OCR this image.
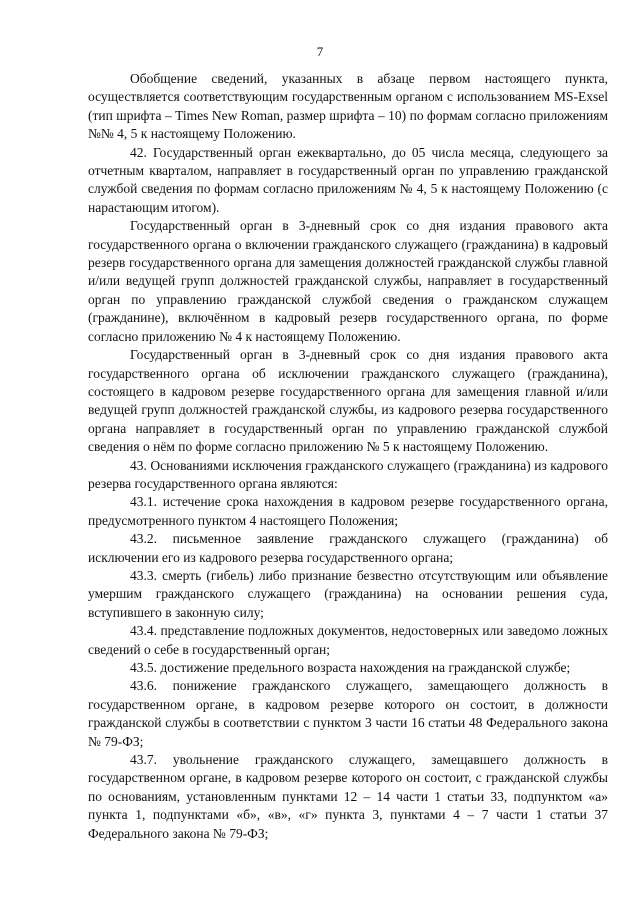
7

Обобщение сведений, указанных в абзаце первом настоящего пункта, осуществляется соответствующим государственным органом с использованием MS-Exsel (тип шрифта – Times New Roman, размер шрифта – 10) по формам согласно приложениям №№ 4, 5 к настоящему Положению.

42. Государственный орган ежеквартально, до 05 числа месяца, следующего за отчетным кварталом, направляет в государственный орган по управлению гражданской службой сведения по формам согласно приложениям № 4, 5 к настоящему Положению (с нарастающим итогом).

Государственный орган в 3-дневный срок со дня издания правового акта государственного органа о включении гражданского служащего (гражданина) в кадровый резерв государственного органа для замещения должностей гражданской службы главной и/или ведущей групп должностей гражданской службы, направляет в государственный орган по управлению гражданской службой сведения о гражданском служащем (гражданине), включённом в кадровый резерв государственного органа, по форме согласно приложению № 4 к настоящему Положению.

Государственный орган в 3-дневный срок со дня издания правового акта государственного органа об исключении гражданского служащего (гражданина), состоящего в кадровом резерве государственного органа для замещения главной и/или ведущей групп должностей гражданской службы, из кадрового резерва государственного органа направляет в государственный орган по управлению гражданской службой сведения о нём по форме согласно приложению № 5 к настоящему Положению.

43. Основаниями исключения гражданского служащего (гражданина) из кадрового резерва государственного органа являются:

43.1. истечение срока нахождения в кадровом резерве государственного органа, предусмотренного пунктом 4 настоящего Положения;

43.2. письменное заявление гражданского служащего (гражданина) об исключении его из кадрового резерва государственного органа;

43.3. смерть (гибель) либо признание безвестно отсутствующим или объявление умершим гражданского служащего (гражданина) на основании решения суда, вступившего в законную силу;

43.4. представление подложных документов, недостоверных или заведомо ложных сведений о себе в государственный орган;

43.5. достижение предельного возраста нахождения на гражданской службе;

43.6. понижение гражданского служащего, замещающего должность в государственном органе, в кадровом резерве которого он состоит, в должности гражданской службы в соответствии с пунктом 3 части 16 статьи 48 Федерального закона № 79-ФЗ;

43.7. увольнение гражданского служащего, замещавшего должность в государственном органе, в кадровом резерве которого он состоит, с гражданской службы по основаниям, установленным пунктами 12 – 14 части 1 статьи 33, подпунктом «а» пункта 1, подпунктами «б», «в», «г» пункта 3, пунктами 4 – 7 части 1 статьи 37 Федерального закона № 79-ФЗ;
